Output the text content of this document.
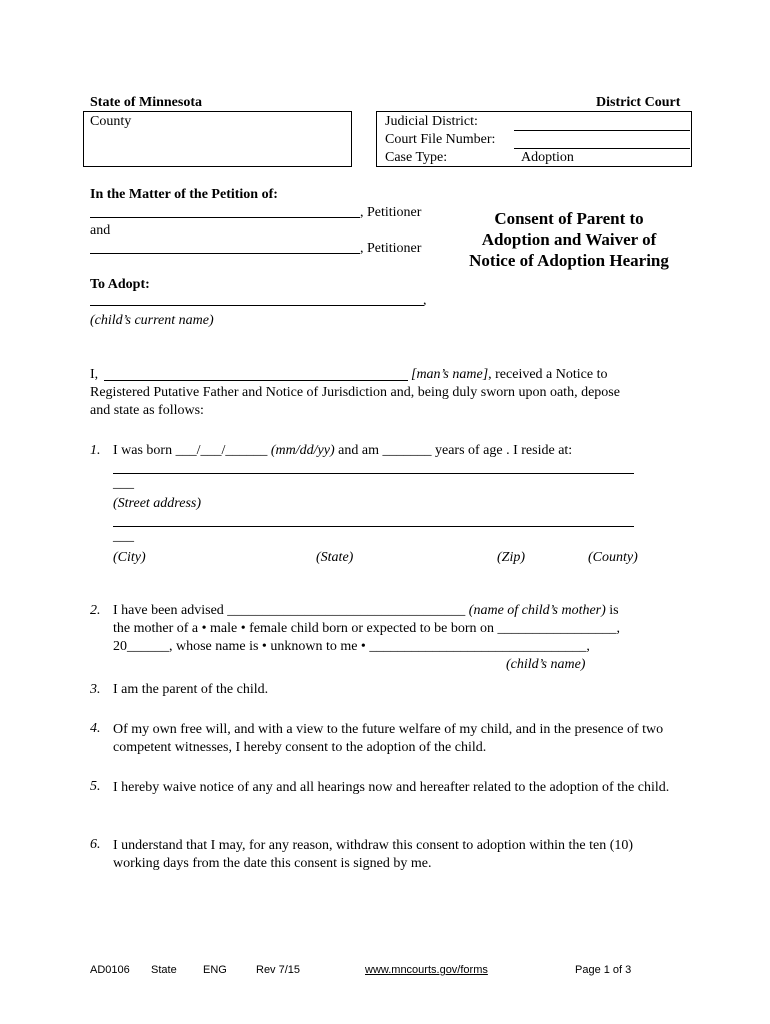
State of Minnesota	District Court
County	Judicial District:
Court File Number:
Case Type:	Adoption
In the Matter of the Petition of:
, Petitioner
and
, Petitioner
To Adopt:
,
(child’s current name)
Consent of Parent to
Adoption and Waiver of
Notice of Adoption Hearing
I,	[man’s name], received a Notice to
Registered Putative Father and Notice of Jurisdiction and, being duly sworn upon oath, depose
and state as follows:
1. I was born ___/___/______ (mm/dd/yy) and am _______ years of age . I reside at:
___
(Street address)
___
(City)	(State)	(Zip)	(County)
2. I have been advised __________________________________ (name of child’s mother) is
the mother of a • male • female child born or expected to be born on _________________,
20______, whose name is • unknown to me • _______________________________,
(child’s name)
3. I am the parent of the child.
4. Of my own free will, and with a view to the future welfare of my child, and in the presence of two competent witnesses, I hereby consent to the adoption of the child.
5. I hereby waive notice of any and all hearings now and hereafter related to the adoption of the child.
6. I understand that I may, for any reason, withdraw this consent to adoption within the ten (10) working days from the date this consent is signed by me.
AD0106 State ENG	Rev 7/15	www.mncourts.gov/forms	Page 1 of 3
